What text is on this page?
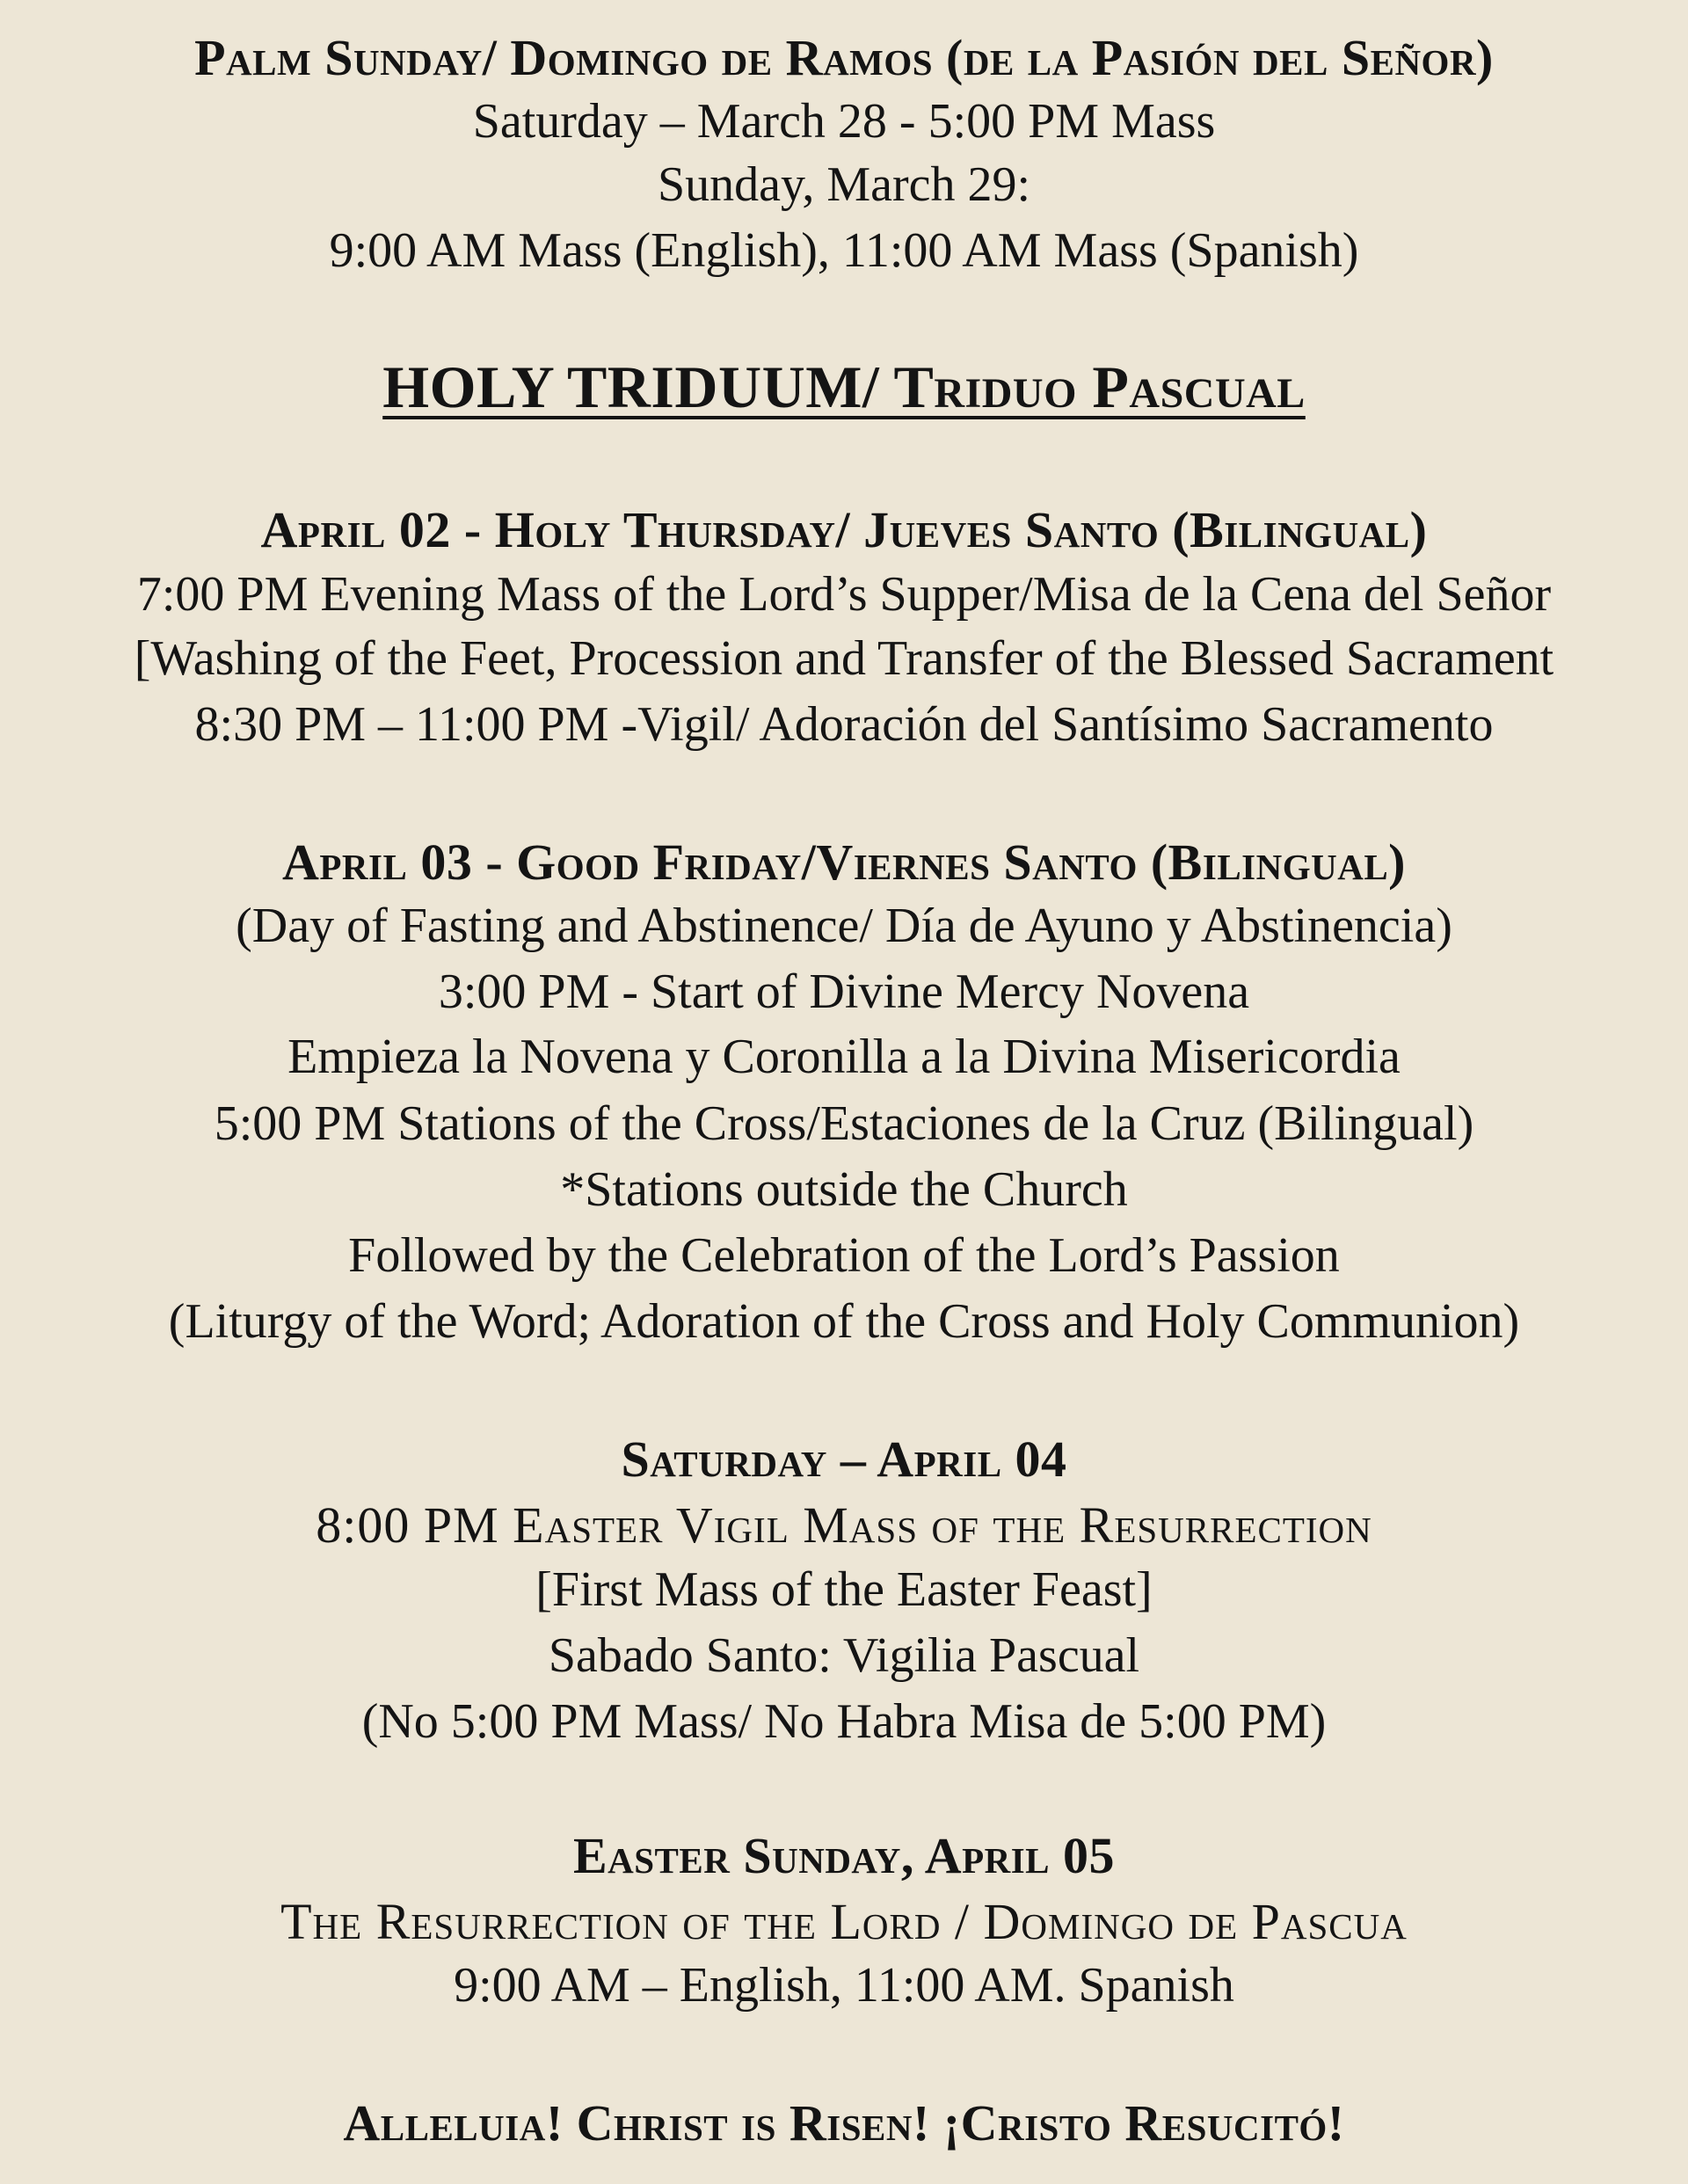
Palm Sunday/ Domingo de Ramos (de la Pasión del Señor)
Saturday – March 28 - 5:00 PM Mass
Sunday, March 29:
9:00 AM Mass (English), 11:00 AM Mass (Spanish)
HOLY TRIDUUM/ Triduo Pascual
April 02 - Holy Thursday/ Jueves Santo (Bilingual)
7:00 PM Evening Mass of the Lord’s Supper/Misa de la Cena del Señor
[Washing of the Feet, Procession and Transfer of the Blessed Sacrament
8:30 PM – 11:00 PM -Vigil/ Adoración del Santísimo Sacramento
April 03 - Good Friday/Viernes Santo (Bilingual)
(Day of Fasting and Abstinence/ Día de Ayuno y Abstinencia)
3:00 PM - Start of Divine Mercy Novena
Empieza la Novena y Coronilla a la Divina Misericordia
5:00 PM Stations of the Cross/Estaciones de la Cruz (Bilingual)
*Stations outside the Church
Followed by the Celebration of the Lord’s Passion
(Liturgy of the Word; Adoration of the Cross and Holy Communion)
Saturday – April 04
8:00 PM Easter Vigil Mass of the Resurrection
[First Mass of the Easter Feast]
Sabado Santo: Vigilia Pascual
(No 5:00 PM Mass/ No Habra Misa de 5:00 PM)
Easter Sunday, April 05
The Resurrection of the Lord / Domingo de Pascua
9:00 AM – English, 11:00 AM. Spanish
Alleluia! Christ is Risen! ¡Cristo Resucitó!
